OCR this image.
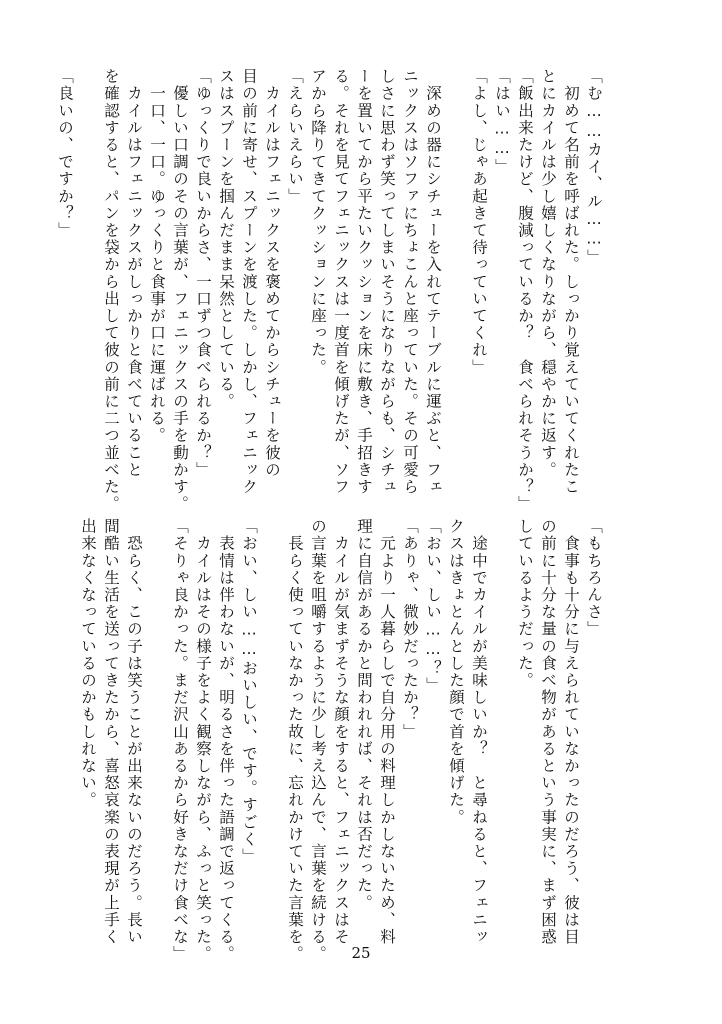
「む……カイ、ル……」
　初めて名前を呼ばれた。しっかり覚えていてくれたこ
とにカイルは少し嬉しくなりながら、穏やかに返す。
「飯出来たけど、腹減っているか？　食べられそうか？」
「はい……」
「よし、じゃあ起きて待っていてくれ」

　深めの器にシチューを入れてテーブルに運ぶと、フェ
ニックスはソファにちょこんと座っていた。その可愛ら
しさに思わず笑ってしまいそうになりながらも、シチュ
ーを置いてから平たいクッションを床に敷き、手招きす
る。それを見てフェニックスは一度首を傾げたが、ソフ
アから降りてきてクッションに座った。
「えらいえらい」
　カイルはフェニックスを褒めてからシチューを彼の
目の前に寄せ、スプーンを渡した。しかし、フェニック
スはスプーンを掴んだまま呆然としている。
「ゆっくりで良いからさ、一口ずつ食べられるか？」
　優しい口調のその言葉が、フェニックスの手を動かす。
　一口、一口。ゆっくりと食事が口に運ばれる。
　カイルはフェニックスがしっかりと食べていること
を確認すると、パンを袋から出して彼の前に二つ並べた。

「良いの、ですか？」
「もちろんさ」
　食事も十分に与えられていなかったのだろう、彼は目
の前に十分な量の食べ物があるという事実に、まず困惑
しているようだった。

　途中でカイルが美味しいか？　と尋ねると、フェニッ
クスはきょとんとした顔で首を傾げた。
「おい、しい……？」
「ありゃ、微妙だったか？」
　元より一人暮らしで自分用の料理しかしないため、料
理に自信があるかと問われれば、それは否だった。
　カイルが気まずそうな顔をすると、フェニックスはそ
の言葉を咀嚼するように少し考え込んで、言葉を続ける。
　長らく使っていなかった故に、忘れかけていた言葉を。

「おい、しい……おいしい、です。すごく」
　表情は伴わないが、明るさを伴った語調で返ってくる。
　カイルはその様子をよく観察しながら、ふっと笑った。
「そりゃ良かった。まだ沢山あるから好きなだけ食べな」

　恐らく、この子は笑うことが出来ないのだろう。長い
間酷い生活を送ってきたから、喜怒哀楽の表現が上手く
出来なくなっているのかもしれない。
25
